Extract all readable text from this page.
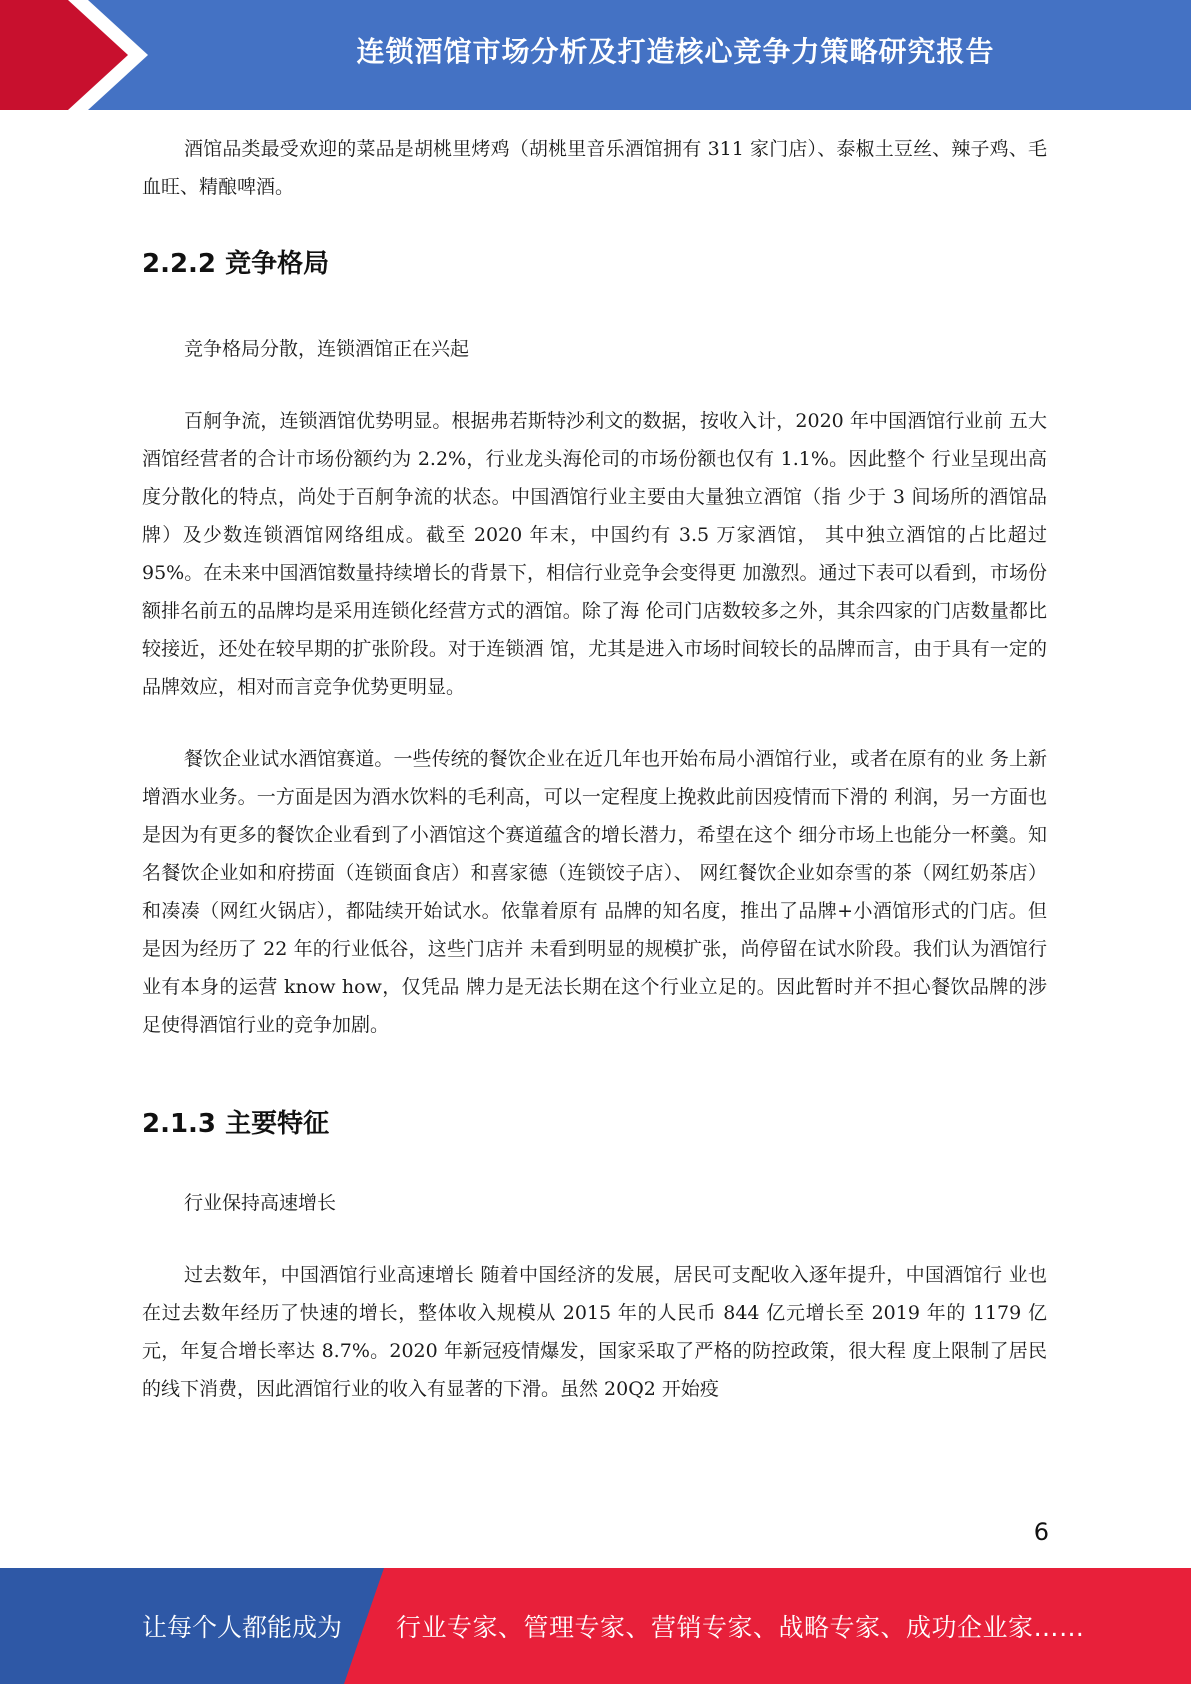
连锁酒馆市场分析及打造核心竞争力策略研究报告

酒馆品类最受欢迎的菜品是胡桃里烤鸡（胡桃里音乐酒馆拥有 311 家门店）、泰椒土豆丝、辣子鸡、毛血旺、精酿啤酒。

2.2.2 竞争格局

竞争格局分散，连锁酒馆正在兴起

百舸争流，连锁酒馆优势明显。根据弗若斯特沙利文的数据，按收入计，2020 年中国酒馆行业前 五大酒馆经营者的合计市场份额约为 2.2%，行业龙头海伦司的市场份额也仅有 1.1%。因此整个 行业呈现出高度分散化的特点，尚处于百舸争流的状态。中国酒馆行业主要由大量独立酒馆（指 少于 3 间场所的酒馆品牌）及少数连锁酒馆网络组成。截至 2020 年末，中国约有 3.5 万家酒馆， 其中独立酒馆的占比超过 95%。在未来中国酒馆数量持续增长的背景下，相信行业竞争会变得更 加激烈。通过下表可以看到，市场份额排名前五的品牌均是采用连锁化经营方式的酒馆。除了海 伦司门店数较多之外，其余四家的门店数量都比较接近，还处在较早期的扩张阶段。对于连锁酒 馆，尤其是进入市场时间较长的品牌而言，由于具有一定的品牌效应，相对而言竞争优势更明显。

餐饮企业试水酒馆赛道。一些传统的餐饮企业在近几年也开始布局小酒馆行业，或者在原有的业 务上新增酒水业务。一方面是因为酒水饮料的毛利高，可以一定程度上挽救此前因疫情而下滑的 利润，另一方面也是因为有更多的餐饮企业看到了小酒馆这个赛道蕴含的增长潜力，希望在这个 细分市场上也能分一杯羹。知名餐饮企业如和府捞面（连锁面食店）和喜家德（连锁饺子店）、 网红餐饮企业如奈雪的茶（网红奶茶店）和凑凑（网红火锅店），都陆续开始试水。依靠着原有 品牌的知名度，推出了品牌+小酒馆形式的门店。但是因为经历了 22 年的行业低谷，这些门店并 未看到明显的规模扩张，尚停留在试水阶段。我们认为酒馆行业有本身的运营 know how，仅凭品 牌力是无法长期在这个行业立足的。因此暂时并不担心餐饮品牌的涉足使得酒馆行业的竞争加剧。

2.1.3 主要特征

行业保持高速增长

过去数年，中国酒馆行业高速增长 随着中国经济的发展，居民可支配收入逐年提升，中国酒馆行 业也在过去数年经历了快速的增长，整体收入规模从 2015 年的人民币 844 亿元增长至 2019 年的 1179 亿元，年复合增长率达 8.7%。2020 年新冠疫情爆发，国家采取了严格的防控政策，很大程 度上限制了居民的线下消费，因此酒馆行业的收入有显著的下滑。虽然 20Q2 开始疫

6
让每个人都能成为 行业专家、管理专家、营销专家、战略专家、成功企业家……
